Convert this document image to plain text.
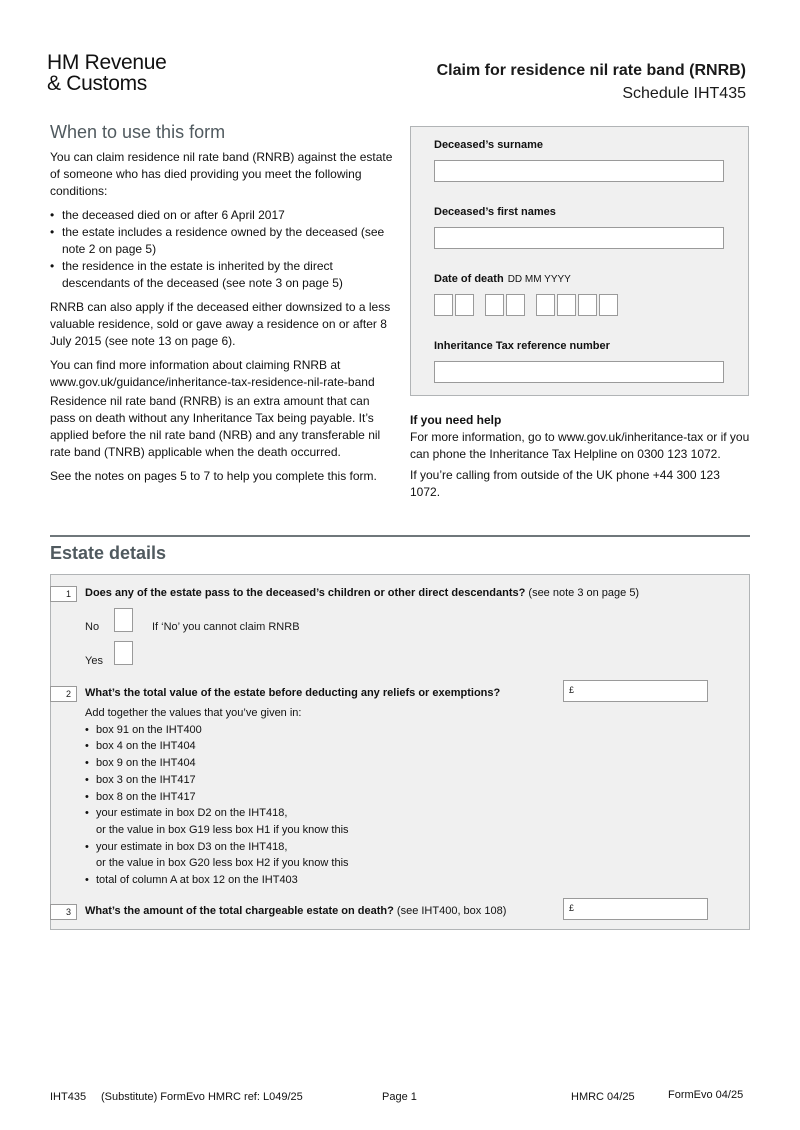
HM Revenue
& Customs
Claim for residence nil rate band (RNRB)
Schedule IHT435
When to use this form

You can claim residence nil rate band (RNRB) against the estate of someone who has died providing you meet the following conditions:

• the deceased died on or after 6 April 2017
• the estate includes a residence owned by the deceased (see note 2 on page 5)
• the residence in the estate is inherited by the direct descendants of the deceased (see note 3 on page 5)

RNRB can also apply if the deceased either downsized to a less valuable residence, sold or gave away a residence on or after 8 July 2015 (see note 13 on page 6).

You can find more information about claiming RNRB at www.gov.uk/guidance/inheritance-tax-residence-nil-rate-band

Residence nil rate band (RNRB) is an extra amount that can pass on death without any Inheritance Tax being payable. It’s applied before the nil rate band (NRB) and any transferable nil rate band (TNRB) applicable when the death occurred.

See the notes on pages 5 to 7 to help you complete this form.

Deceased’s surname
Deceased’s first names
Date of death DD MM YYYY
Inheritance Tax reference number
If you need help

For more information, go to www.gov.uk/inheritance-tax or if you can phone the Inheritance Tax Helpline on 0300 123 1072.

If you’re calling from outside of the UK phone +44 300 123 1072.

Estate details
1	Does any of the estate pass to the deceased’s children or other direct descendants? (see note 3 on page 5)
No	If ‘No’ you cannot claim RNRB
Yes
2	What’s the total value of the estate before deducting any reliefs or exemptions?	£
Add together the values that you’ve given in:
• box 91 on the IHT400
• box 4 on the IHT404
• box 9 on the IHT404
• box 3 on the IHT417
• box 8 on the IHT417
• your estimate in box D2 on the IHT418,
or the value in box G19 less box H1 if you know this
• your estimate in box D3 on the IHT418,
or the value in box G20 less box H2 if you know this
• total of column A at box 12 on the IHT403
3	What’s the amount of the total chargeable estate on death? (see IHT400, box 108)	£
IHT435 (Substitute) FormEvo HMRC ref: L049/25	Page 1	HMRC 04/25	FormEvo 04/25
